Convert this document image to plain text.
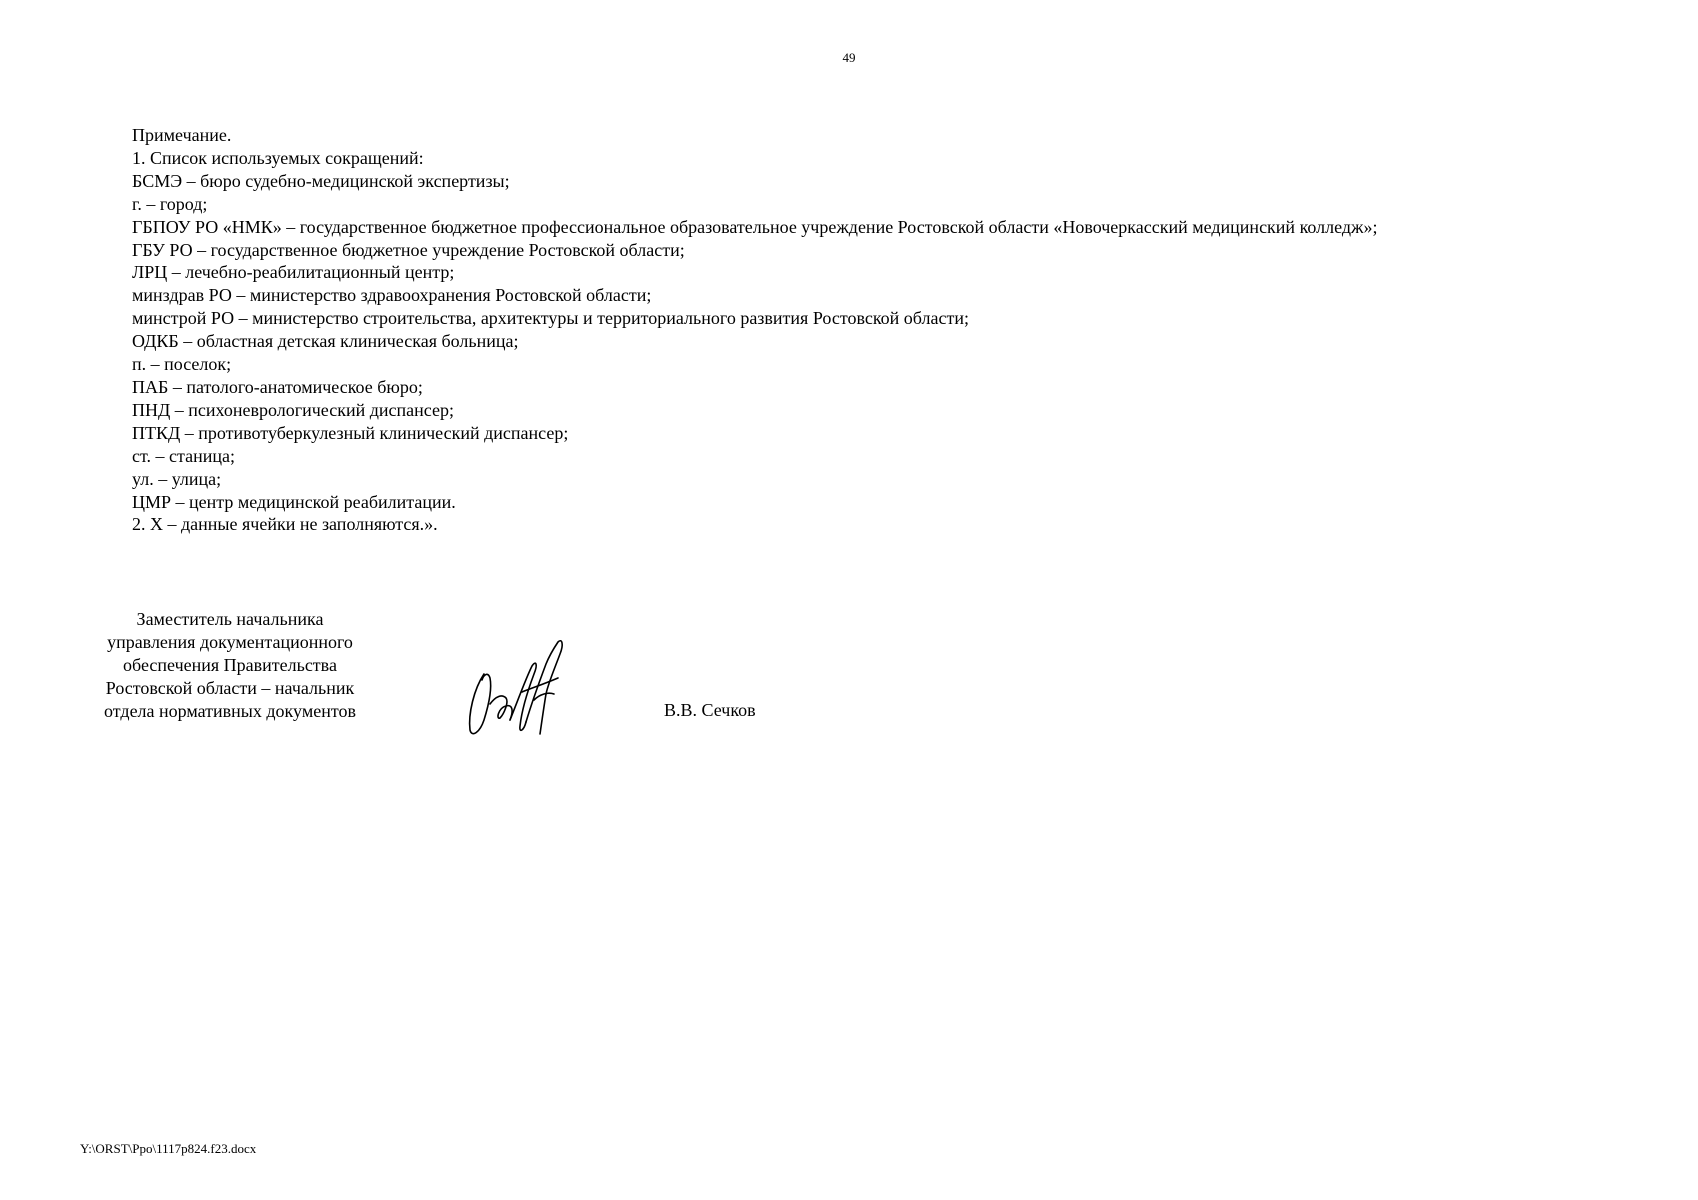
49
Примечание.
1. Список используемых сокращений:
БСМЭ – бюро судебно-медицинской экспертизы;
г. – город;
ГБПОУ РО «НМК» – государственное бюджетное профессиональное образовательное учреждение Ростовской области «Новочеркасский медицинский колледж»;
ГБУ РО – государственное бюджетное учреждение Ростовской области;
ЛРЦ – лечебно-реабилитационный центр;
минздрав РО – министерство здравоохранения Ростовской области;
минстрой РО – министерство строительства, архитектуры и территориального развития Ростовской области;
ОДКБ – областная детская клиническая больница;
п. – поселок;
ПАБ – патолого-анатомическое бюро;
ПНД – психоневрологический диспансер;
ПТКД – противотуберкулезный клинический диспансер;
ст. – станица;
ул. – улица;
ЦМР – центр медицинской реабилитации.
2. Х – данные ячейки не заполняются.».
Заместитель начальника
управления документационного
обеспечения Правительства
Ростовской области – начальник
отдела нормативных документов	В.В. Сечков
Y:\ORST\Ppo\1117p824.f23.docx
